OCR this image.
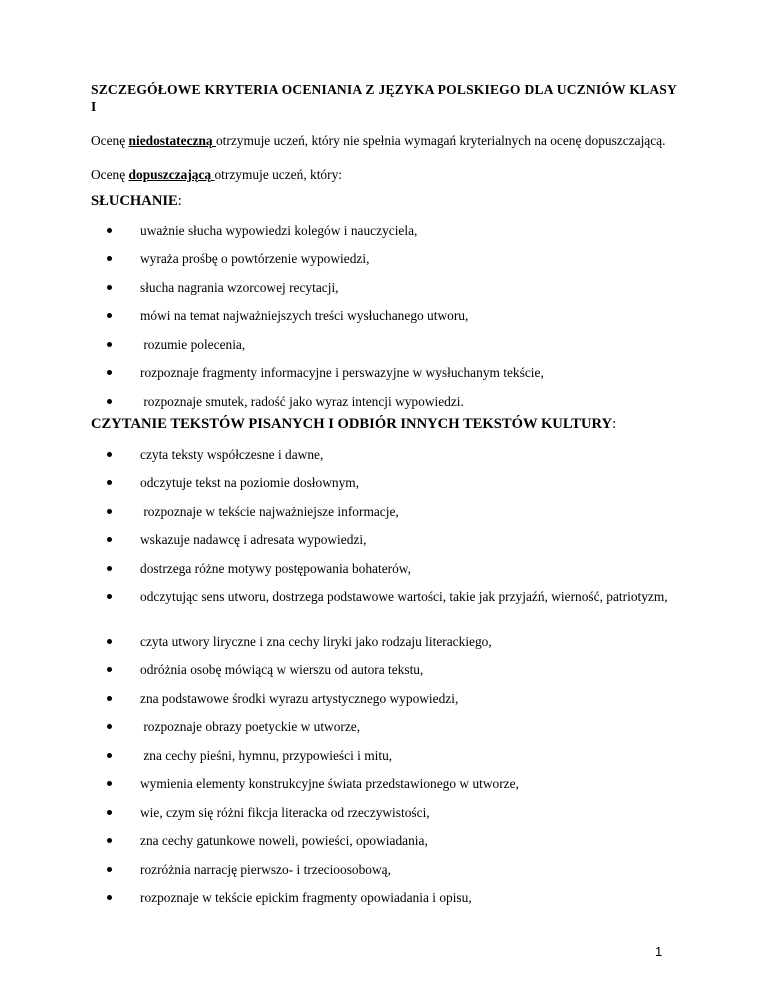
SZCZEGÓŁOWE KRYTERIA OCENIANIA Z JĘZYKA POLSKIEGO DLA UCZNIÓW KLASY I
Ocenę niedostateczną otrzymuje uczeń, który nie spełnia wymagań kryterialnych na ocenę dopuszczającą.
Ocenę dopuszczającą otrzymuje uczeń, który:
SŁUCHANIE:
uważnie słucha wypowiedzi kolegów i nauczyciela,
wyraża prośbę o powtórzenie wypowiedzi,
słucha nagrania wzorcowej recytacji,
mówi na temat najważniejszych treści wysłuchanego utworu,
rozumie polecenia,
rozpoznaje fragmenty informacyjne i perswazyjne w wysłuchanym tekście,
rozpoznaje smutek, radość jako wyraz intencji wypowiedzi.
CZYTANIE TEKSTÓW PISANYCH I ODBIÓR INNYCH TEKSTÓW KULTURY:
czyta teksty współczesne i dawne,
odczytuje tekst na poziomie dosłownym,
rozpoznaje w tekście najważniejsze informacje,
wskazuje nadawcę i adresata wypowiedzi,
dostrzega różne motywy postępowania bohaterów,
odczytując sens utworu, dostrzega podstawowe wartości, takie jak przyjaźń, wierność, patriotyzm,
czyta utwory liryczne i zna cechy liryki jako rodzaju literackiego,
odróżnia osobę mówiącą w wierszu od autora tekstu,
zna podstawowe środki wyrazu artystycznego wypowiedzi,
rozpoznaje obrazy poetyckie w utworze,
zna cechy pieśni, hymnu, przypowieści i mitu,
wymienia elementy konstrukcyjne świata przedstawionego w utworze,
wie, czym się różni fikcja literacka od rzeczywistości,
zna cechy gatunkowe noweli, powieści, opowiadania,
rozróżnia narrację pierwszo- i trzecioosobową,
rozpoznaje w tekście epickim fragmenty opowiadania i opisu,
1
